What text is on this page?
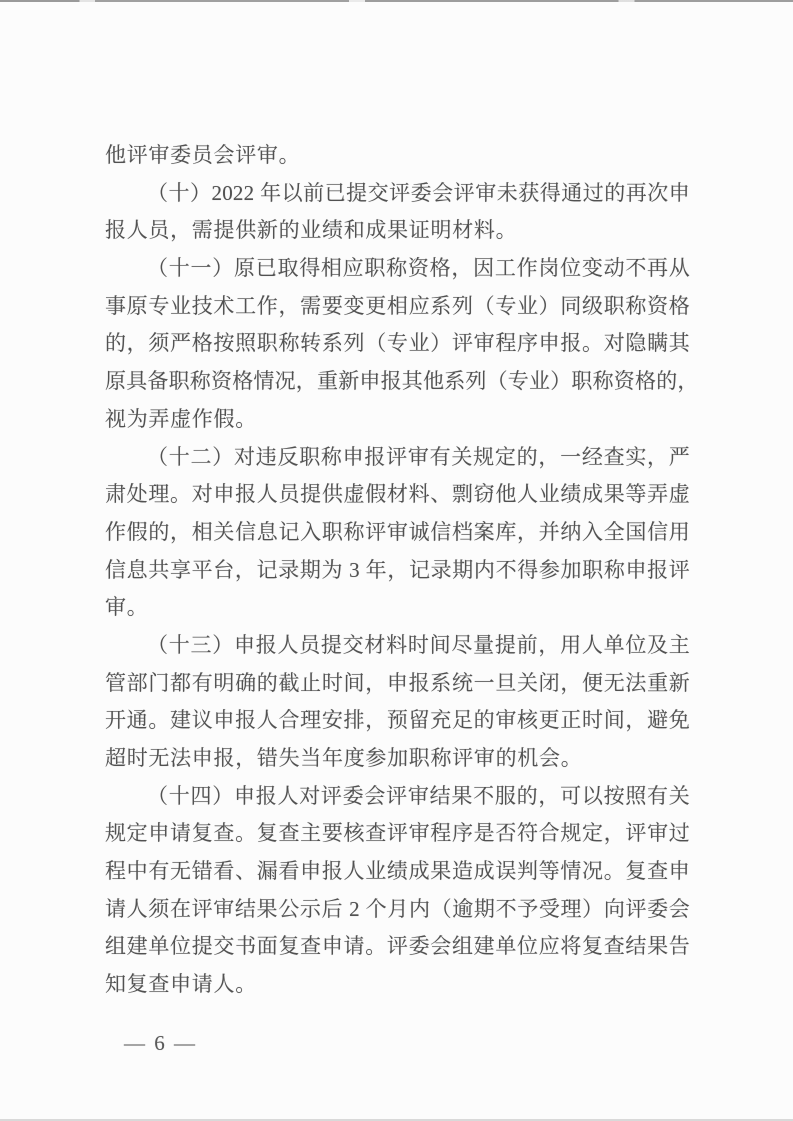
他评审委员会评审。
（十）2022 年以前已提交评委会评审未获得通过的再次申
报人员，需提供新的业绩和成果证明材料。
（十一）原已取得相应职称资格，因工作岗位变动不再从
事原专业技术工作，需要变更相应系列（专业）同级职称资格
的，须严格按照职称转系列（专业）评审程序申报。对隐瞒其
原具备职称资格情况，重新申报其他系列（专业）职称资格的，
视为弄虚作假。
（十二）对违反职称申报评审有关规定的，一经查实，严
肃处理。对申报人员提供虚假材料、剽窃他人业绩成果等弄虚
作假的，相关信息记入职称评审诚信档案库，并纳入全国信用
信息共享平台，记录期为 3 年，记录期内不得参加职称申报评
审。
（十三）申报人员提交材料时间尽量提前，用人单位及主
管部门都有明确的截止时间，申报系统一旦关闭，便无法重新
开通。建议申报人合理安排，预留充足的审核更正时间，避免
超时无法申报，错失当年度参加职称评审的机会。
（十四）申报人对评委会评审结果不服的，可以按照有关
规定申请复查。复查主要核查评审程序是否符合规定，评审过
程中有无错看、漏看申报人业绩成果造成误判等情况。复查申
请人须在评审结果公示后 2 个月内（逾期不予受理）向评委会
组建单位提交书面复查申请。评委会组建单位应将复查结果告
知复查申请人。
— 6 —
